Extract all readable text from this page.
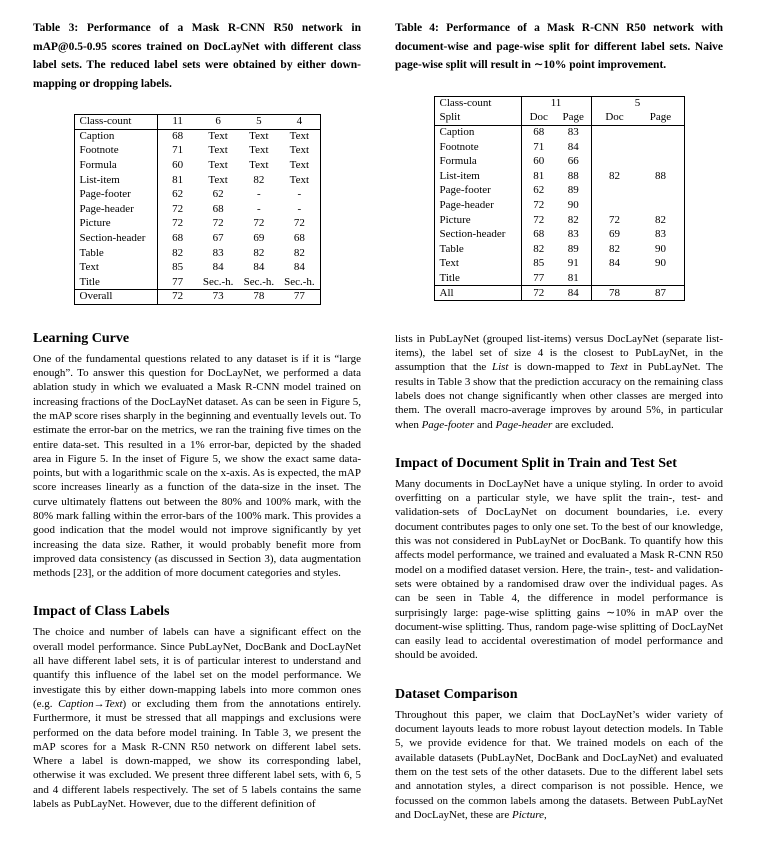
Table 3: Performance of a Mask R-CNN R50 network in mAP@0.5-0.95 scores trained on DocLayNet with different class label sets. The reduced label sets were obtained by either down-mapping or dropping labels.

Class-count	11	6	5	4
Caption	68	Text	Text	Text
Footnote	71	Text	Text	Text
Formula	60	Text	Text	Text
List-item	81	Text	82	Text
Page-footer	62	62	-	-
Page-header	72	68	-	-
Picture	72	72	72	72
Section-header	68	67	69	68
Table	82	83	82	82
Text	85	84	84	84
Title	77	Sec.-h.	Sec.-h.	Sec.-h.
Overall	72	73	78	77
Learning Curve

One of the fundamental questions related to any dataset is if it is “large enough”. To answer this question for DocLayNet, we performed a data ablation study in which we evaluated a Mask R-CNN model trained on increasing fractions of the DocLayNet dataset. As can be seen in Figure 5, the mAP score rises sharply in the beginning and eventually levels out. To estimate the error-bar on the metrics, we ran the training five times on the entire data-set. This resulted in a 1% error-bar, depicted by the shaded area in Figure 5. In the inset of Figure 5, we show the exact same data-points, but with a logarithmic scale on the x-axis. As is expected, the mAP score increases linearly as a function of the data-size in the inset. The curve ultimately flattens out between the 80% and 100% mark, with the 80% mark falling within the error-bars of the 100% mark. This provides a good indication that the model would not improve significantly by yet increasing the data size. Rather, it would probably benefit more from improved data consistency (as discussed in Section 3), data augmentation methods [23], or the addition of more document categories and styles.

Impact of Class Labels

The choice and number of labels can have a significant effect on the overall model performance. Since PubLayNet, DocBank and DocLayNet all have different label sets, it is of particular interest to understand and quantify this influence of the label set on the model performance. We investigate this by either down-mapping labels into more common ones (e.g. Caption→Text) or excluding them from the annotations entirely. Furthermore, it must be stressed that all mappings and exclusions were performed on the data before model training. In Table 3, we present the mAP scores for a Mask R-CNN R50 network on different label sets. Where a label is down-mapped, we show its corresponding label, otherwise it was excluded. We present three different label sets, with 6, 5 and 4 different labels respectively. The set of 5 labels contains the same labels as PubLayNet. However, due to the different definition of

Table 4: Performance of a Mask R-CNN R50 network with document-wise and page-wise split for different label sets. Naive page-wise split will result in ∼10% point improvement.

Class-count	11		5	
Split	Doc	Page	Doc	Page
Caption	68	83		
Footnote	71	84		
Formula	60	66		
List-item	81	88	82	88
Page-footer	62	89		
Page-header	72	90		
Picture	72	82	72	82
Section-header	68	83	69	83
Table	82	89	82	90
Text	85	91	84	90
Title	77	81		
All	72	84	78	87

lists in PubLayNet (grouped list-items) versus DocLayNet (separate list-items), the label set of size 4 is the closest to PubLayNet, in the assumption that the List is down-mapped to Text in PubLayNet. The results in Table 3 show that the prediction accuracy on the remaining class labels does not change significantly when other classes are merged into them. The overall macro-average improves by around 5%, in particular when Page-footer and Page-header are excluded.

Impact of Document Split in Train and Test Set

Many documents in DocLayNet have a unique styling. In order to avoid overfitting on a particular style, we have split the train-, test- and validation-sets of DocLayNet on document boundaries, i.e. every document contributes pages to only one set. To the best of our knowledge, this was not considered in PubLayNet or DocBank. To quantify how this affects model performance, we trained and evaluated a Mask R-CNN R50 model on a modified dataset version. Here, the train-, test- and validation-sets were obtained by a randomised draw over the individual pages. As can be seen in Table 4, the difference in model performance is surprisingly large: page-wise splitting gains ∼10% in mAP over the document-wise splitting. Thus, random page-wise splitting of DocLayNet can easily lead to accidental overestimation of model performance and should be avoided.

Dataset Comparison

Throughout this paper, we claim that DocLayNet’s wider variety of document layouts leads to more robust layout detection models. In Table 5, we provide evidence for that. We trained models on each of the available datasets (PubLayNet, DocBank and DocLayNet) and evaluated them on the test sets of the other datasets. Due to the different label sets and annotation styles, a direct comparison is not possible. Hence, we focussed on the common labels among the datasets. Between PubLayNet and DocLayNet, these are Picture,
